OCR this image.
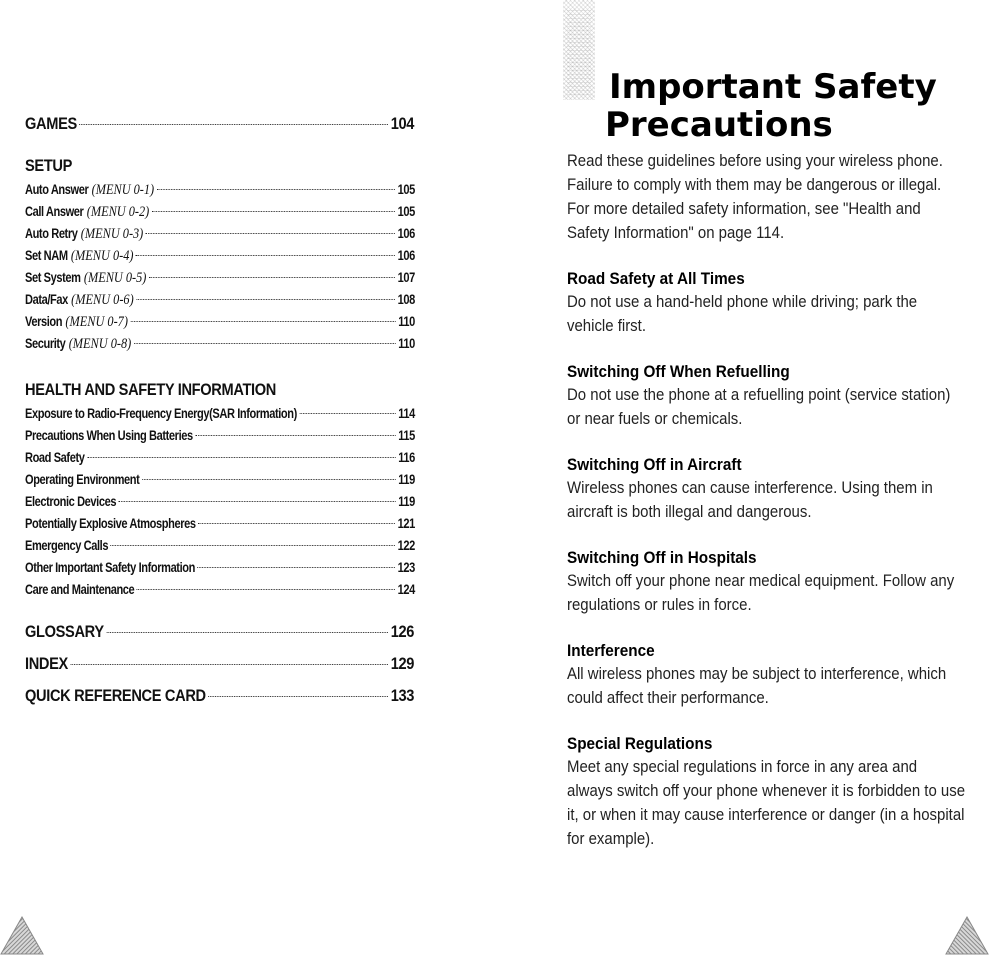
GAMES	104
SETUP
Auto Answer (MENU 0-1)	105
Call Answer (MENU 0-2)	105
Auto Retry (MENU 0-3)	106
Set NAM (MENU 0-4)	106
Set System (MENU 0-5)	107
Data/Fax (MENU 0-6)	108
Version (MENU 0-7)	110
Security (MENU 0-8)	110
HEALTH AND SAFETY INFORMATION
Exposure to Radio-Frequency Energy(SAR Information)	114
Precautions When Using Batteries	115
Road Safety	116
Operating Environment	119
Electronic Devices	119
Potentially Explosive Atmospheres	121
Emergency Calls	122
Other Important Safety Information	123
Care and Maintenance	124
GLOSSARY	126
INDEX	129
QUICK REFERENCE CARD	133
Important Safety
Precautions

Read these guidelines before using your wireless phone. Failure to comply with them may be dangerous or illegal. For more detailed safety information, see "Health and Safety Information" on page 114.

Road Safety at All Times

Do not use a hand-held phone while driving; park the vehicle first.

Switching Off When Refuelling

Do not use the phone at a refuelling point (service station) or near fuels or chemicals.

Switching Off in Aircraft

Wireless phones can cause interference. Using them in aircraft is both illegal and dangerous.

Switching Off in Hospitals

Switch off your phone near medical equipment. Follow any regulations or rules in force.

Interference

All wireless phones may be subject to interference, which could affect their performance.

Special Regulations

Meet any special regulations in force in any area and always switch off your phone whenever it is forbidden to use it, or when it may cause interference or danger (in a hospital for example).
